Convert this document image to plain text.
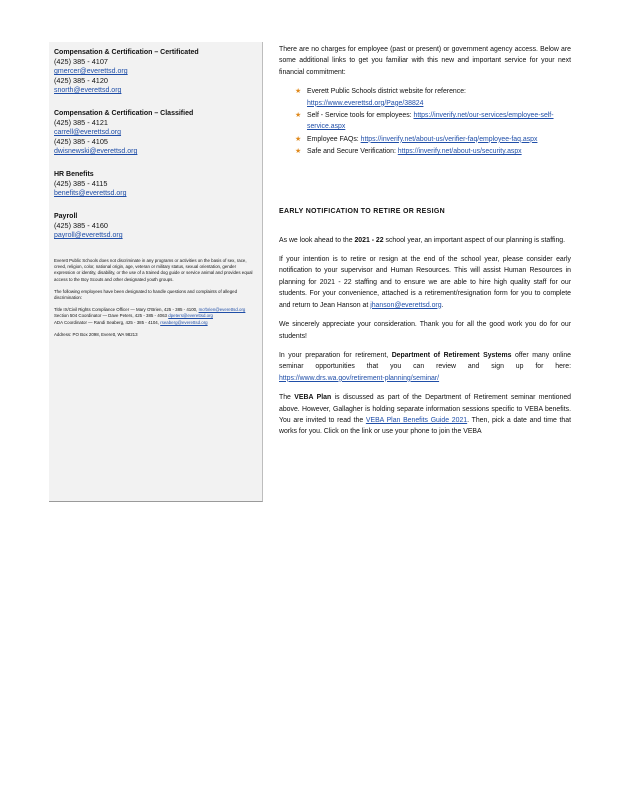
Compensation & Certification – Certificated
(425) 385 - 4107
gmercer@everettsd.org
(425) 385 - 4120
snorth@everettsd.org
Compensation & Certification – Classified
(425) 385 - 4121
carrell@everettsd.org
(425) 385 - 4105
dwisnewski@everettsd.org
HR Benefits
(425) 385 - 4115
benefits@everettsd.org
Payroll
(425) 385 - 4160
payroll@everettsd.org
Everett Public Schools does not discriminate in any programs or activities on the basis of sex, race, creed, religion, color, national origin, age, veteran or military status, sexual orientation, gender expression or identity, disability, or the use of a trained dog guide or service animal and provides equal access to the Boy Scouts and other designated youth groups.
The following employees have been designated to handle questions and complaints of alleged discrimination:
Title IX/Civil Rights Compliance Officer — Mary O'Brien, 425 - 385 - 4100, mo'brien@everettsd.org
Section 504 Coordinator — Dave Peters, 425 - 385 - 4063 dpeters@everettsd.org
ADA Coordinator — Randi Seaberg, 425 - 385 - 4104, rseaberg@everettsd.org
Address: PO Box 2098, Everett, WA 98213

There are no charges for employee (past or present) or government agency access. Below are some additional links to get you familiar with this new and important service for your next financial commitment:

★ Everett Public Schools district website for reference: https://www.everettsd.org/Page/38824
★ Self - Service tools for employees: https://inverify.net/our-services/employee-self-service.aspx
★ Employee FAQs: https://inverify.net/about-us/verifier-faq/employee-faq.aspx
★ Safe and Secure Verification: https://inverify.net/about-us/security.aspx
EARLY NOTIFICATION TO RETIRE OR RESIGN

As we look ahead to the 2021 - 22 school year, an important aspect of our planning is staffing.

If your intention is to retire or resign at the end of the school year, please consider early notification to your supervisor and Human Resources. This will assist Human Resources in planning for 2021 - 22 staffing and to ensure we are able to hire high quality staff for our students. For your convenience, attached is a retirement/resignation form for you to complete and return to Jean Hanson at jhanson@everettsd.org.

We sincerely appreciate your consideration. Thank you for all the good work you do for our students!

In your preparation for retirement, Department of Retirement Systems offer many online seminar opportunities that you can review and sign up for here: https://www.drs.wa.gov/retirement-planning/seminar/

The VEBA Plan is discussed as part of the Department of Retirement seminar mentioned above. However, Gallagher is holding separate information sessions specific to VEBA benefits. You are invited to read the VEBA Plan Benefits Guide 2021. Then, pick a date and time that works for you. Click on the link or use your phone to join the VEBA
